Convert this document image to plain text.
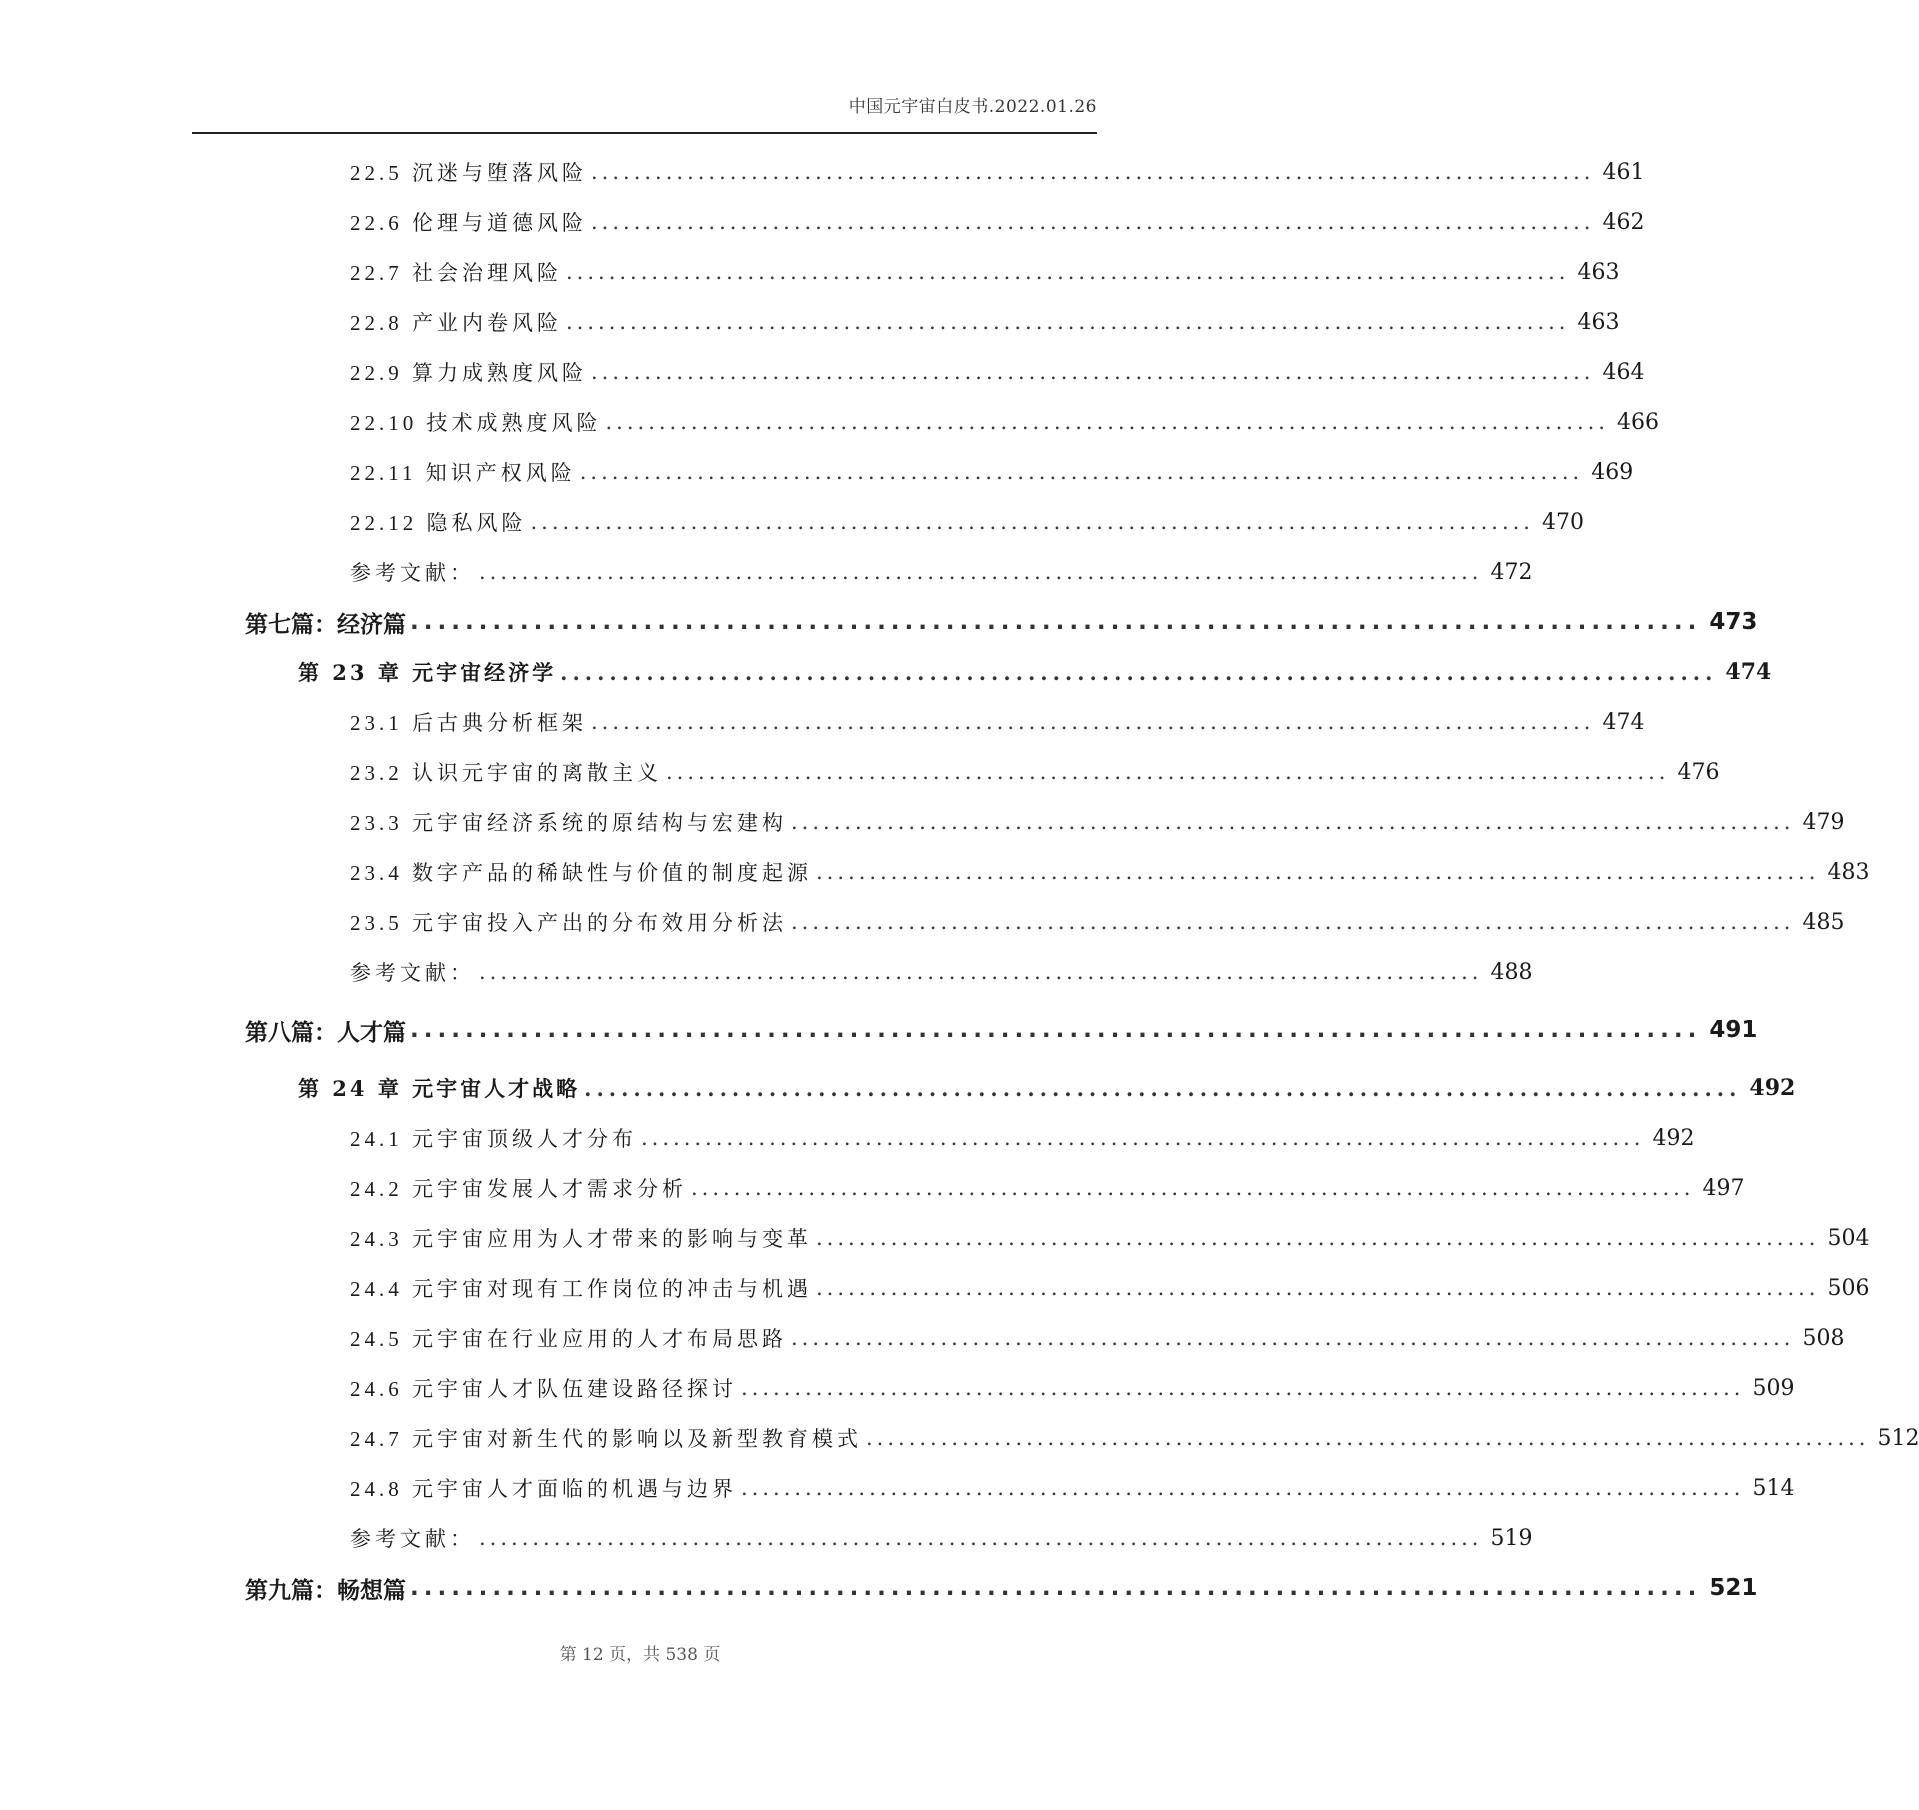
中国元宇宙白皮书.2022.01.26
22.5 沉迷与堕落风险 .............................................................................................. 461
22.6 伦理与道德风险 .............................................................................................. 462
22.7 社会治理风险 .............................................................................................. 463
22.8 产业内卷风险 .............................................................................................. 463
22.9 算力成熟度风险 .............................................................................................. 464
22.10 技术成熟度风险 .............................................................................................. 466
22.11 知识产权风险 .............................................................................................. 469
22.12 隐私风险 .............................................................................................. 470
参考文献： .............................................................................................. 472
第七篇：经济篇 .............................................................................................. 473
第 23 章 元宇宙经济学 .............................................................................................. 474
23.1 后古典分析框架 .............................................................................................. 474
23.2 认识元宇宙的离散主义 .............................................................................................. 476
23.3 元宇宙经济系统的原结构与宏建构 .............................................................................................. 479
23.4 数字产品的稀缺性与价值的制度起源 .............................................................................................. 483
23.5 元宇宙投入产出的分布效用分析法 .............................................................................................. 485
参考文献： .............................................................................................. 488
第八篇：人才篇 .............................................................................................. 491
第 24 章 元宇宙人才战略 .............................................................................................. 492
24.1 元宇宙顶级人才分布 .............................................................................................. 492
24.2 元宇宙发展人才需求分析 .............................................................................................. 497
24.3 元宇宙应用为人才带来的影响与变革 .............................................................................................. 504
24.4 元宇宙对现有工作岗位的冲击与机遇 .............................................................................................. 506
24.5 元宇宙在行业应用的人才布局思路 .............................................................................................. 508
24.6 元宇宙人才队伍建设路径探讨 .............................................................................................. 509
24.7 元宇宙对新生代的影响以及新型教育模式 .............................................................................................. 512
24.8 元宇宙人才面临的机遇与边界 .............................................................................................. 514
参考文献： .............................................................................................. 519
第九篇：畅想篇 .............................................................................................. 521
第 12 页，共 538 页
